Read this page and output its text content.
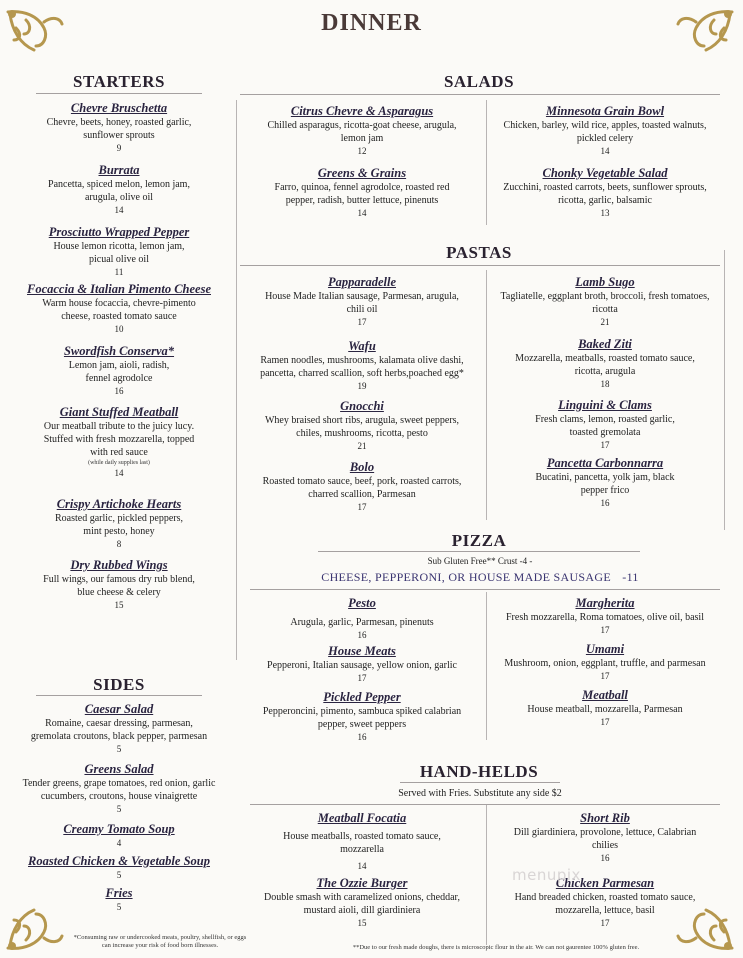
DINNER
STARTERS
Chevre Bruschetta
Chevre, beets, honey, roasted garlic, sunflower sprouts
9
Burrata
Pancetta, spiced melon, lemon jam, arugula, olive oil
14
Prosciutto Wrapped Pepper
House lemon ricotta, lemon jam, picual olive oil
11
Focaccia & Italian Pimento Cheese
Warm house focaccia, chevre-pimento cheese, roasted tomato sauce
10
Swordfish Conserva*
Lemon jam, aioli, radish, fennel agrodolce
16
Giant Stuffed Meatball
Our meatball tribute to the juicy lucy. Stuffed with fresh mozzarella, topped with red sauce
(while daily supplies last)
14
Crispy Artichoke Hearts
Roasted garlic, pickled peppers, mint pesto, honey
8
Dry Rubbed Wings
Full wings, our famous dry rub blend, blue cheese & celery
15
SIDES
Caesar Salad
Romaine, caesar dressing, parmesan, gremolata croutons, black pepper, parmesan
5
Greens Salad
Tender greens, grape tomatoes, red onion, garlic cucumbers, croutons, house vinaigrette
5
Creamy Tomato Soup
4
Roasted Chicken & Vegetable Soup
5
Fries
5
SALADS
Citrus Chevre & Asparagus
Chilled asparagus, ricotta-goat cheese, arugula, lemon jam
12
Greens & Grains
Farro, quinoa, fennel agrodolce, roasted red pepper, radish, butter lettuce, pinenuts
14
Minnesota Grain Bowl
Chicken, barley, wild rice, apples, toasted walnuts, pickled celery
14
Chonky Vegetable Salad
Zucchini, roasted carrots, beets, sunflower sprouts, ricotta, garlic, balsamic
13
PASTAS
Papparadelle
House Made Italian sausage, Parmesan, arugula, chili oil
17
Wafu
Ramen noodles, mushrooms, kalamata olive dashi, pancetta, charred scallion, soft herbs,poached egg*
19
Gnocchi
Whey braised short ribs, arugula, sweet peppers, chiles, mushrooms, ricotta, pesto
21
Bolo
Roasted tomato sauce, beef, pork, roasted carrots, charred scallion, Parmesan
17
Lamb Sugo
Tagliatelle, eggplant broth, broccoli, fresh tomatoes, ricotta
21
Baked Ziti
Mozzarella, meatballs, roasted tomato sauce, ricotta, arugula
18
Linguini & Clams
Fresh clams, lemon, roasted garlic, toasted gremolata
17
Pancetta Carbonnarra
Bucatini, pancetta, yolk jam, black pepper frico
16
PIZZA
Sub Gluten Free** Crust -4 -
CHEESE, PEPPERONI, OR HOUSE MADE SAUSAGE -11
Pesto
Arugula, garlic, Parmesan, pinenuts
16
House Meats
Pepperoni, Italian sausage, yellow onion, garlic
17
Pickled Pepper
Pepperoncini, pimento, sambuca spiked calabrian pepper, sweet peppers
16
Margherita
Fresh mozzarella, Roma tomatoes, olive oil, basil
17
Umami
Mushroom, onion, eggplant, truffle, and parmesan
17
Meatball
House meatball, mozzarella, Parmesan
17
HAND-HELDS
Served with Fries. Substitute any side $2
Meatball Focatia
House meatballs, roasted tomato sauce, mozzarella
14
The Ozzie Burger
Double smash with caramelized onions, cheddar, mustard aioli, dill giardiniera
15
Short Rib
Dill giardiniera, provolone, lettuce, Calabrian chilies
16
Chicken Parmesan
Hand breaded chicken, roasted tomato sauce, mozzarella, lettuce, basil
17
menupix
*Consuming raw or undercooked meats, poultry, shellfish, or eggs can increase your risk of food born illnesses.	**Due to our fresh made doughs, there is microscopic flour in the air. We can not gaurentee 100% gluten free.
